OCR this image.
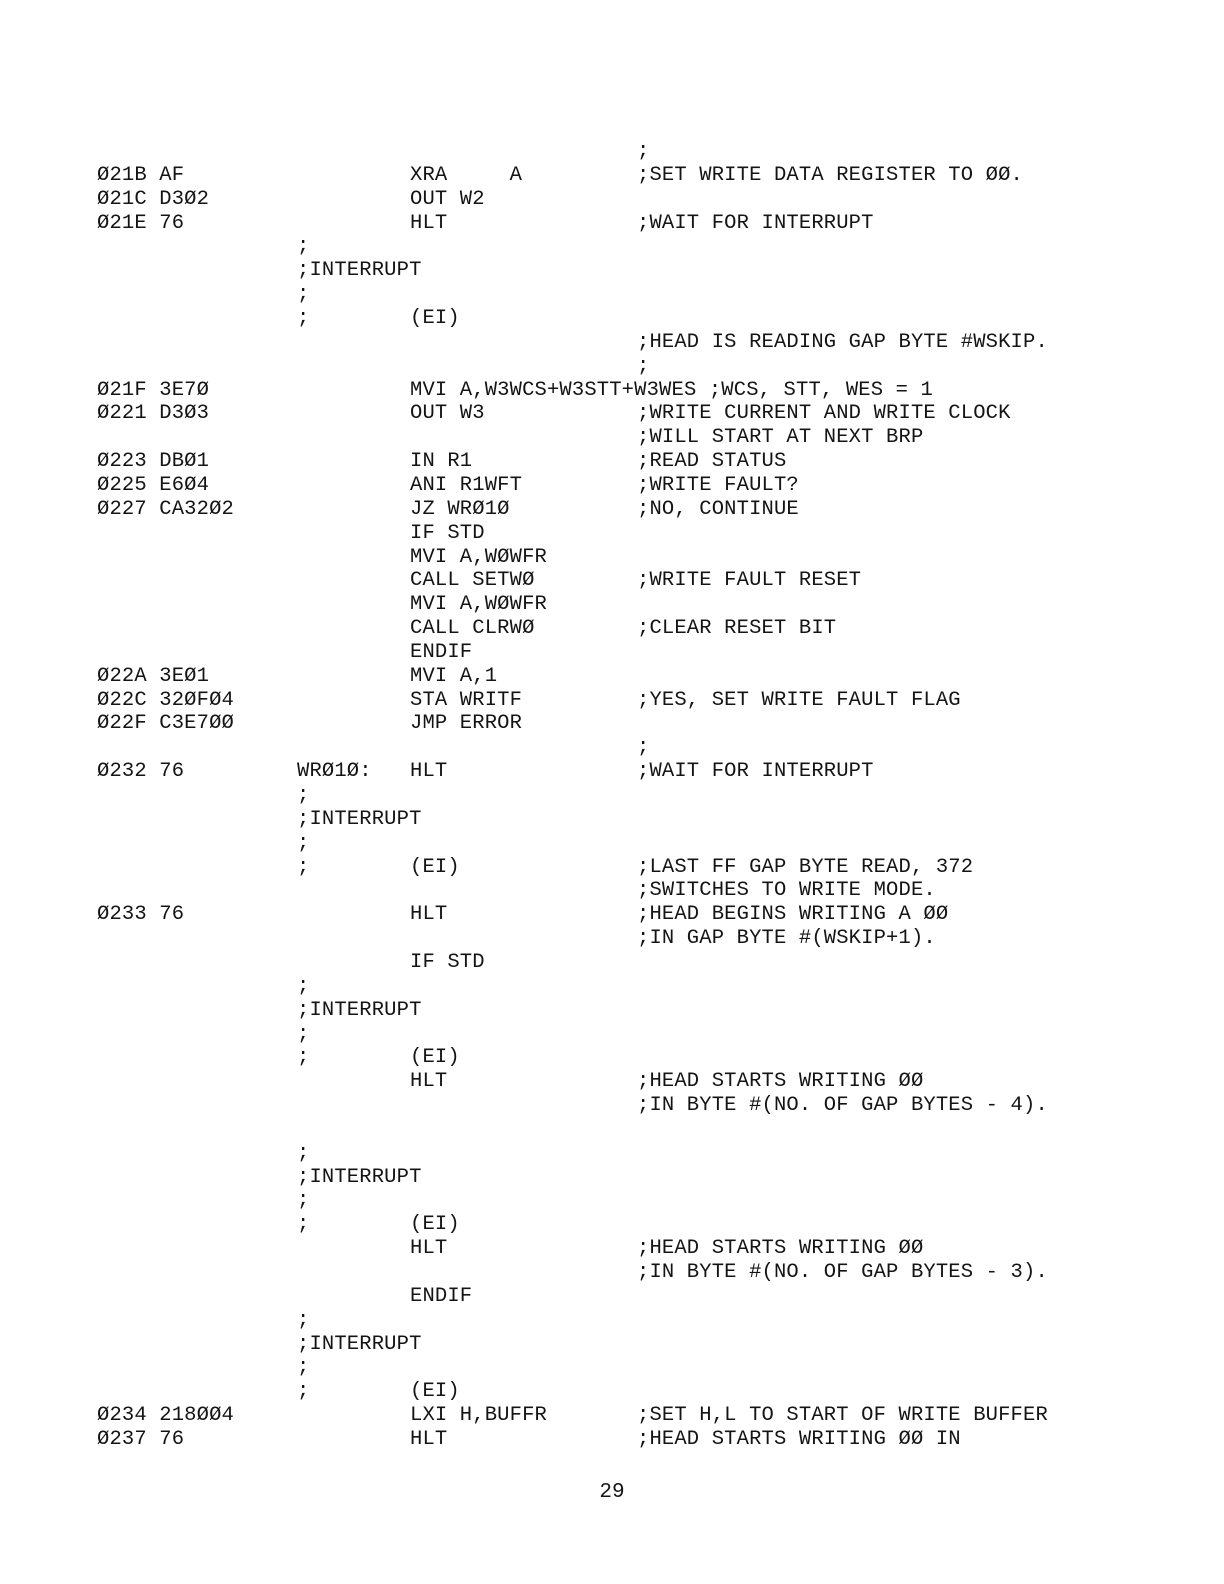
;
Ø21B AF	XRA     A	;SET WRITE DATA REGISTER TO ØØ.
Ø21C D3Ø2	OUT W2
Ø21E 76	HLT	;WAIT FOR INTERRUPT
;
;INTERRUPT
;
;	(EI)
;HEAD IS READING GAP BYTE #WSKIP.
;
Ø21F 3E7Ø	MVI A,W3WCS+W3STT+W3WES ;WCS, STT, WES = 1
Ø221 D3Ø3	OUT W3	;WRITE CURRENT AND WRITE CLOCK
;WILL START AT NEXT BRP
Ø223 DBØ1	IN R1	;READ STATUS
Ø225 E6Ø4	ANI R1WFT	;WRITE FAULT?
Ø227 CA32Ø2	JZ WRØ1Ø	;NO, CONTINUE
IF STD
MVI A,WØWFR
CALL SETWØ	;WRITE FAULT RESET
MVI A,WØWFR
CALL CLRWØ	;CLEAR RESET BIT
ENDIF
Ø22A 3EØ1	MVI A,1
Ø22C 32ØFØ4	STA WRITF	;YES, SET WRITE FAULT FLAG
Ø22F C3E7ØØ	JMP ERROR
;
Ø232 76	WRØ1Ø: HLT	;WAIT FOR INTERRUPT
;
;INTERRUPT
;
;	(EI)	;LAST FF GAP BYTE READ, 372
;SWITCHES TO WRITE MODE.
Ø233 76	HLT	;HEAD BEGINS WRITING A ØØ
;IN GAP BYTE #(WSKIP+1).
IF STD
;
;INTERRUPT
;
;	(EI)
HLT	;HEAD STARTS WRITING ØØ
;IN BYTE #(NO. OF GAP BYTES - 4).
;
;INTERRUPT
;
;	(EI)
HLT	;HEAD STARTS WRITING ØØ
;IN BYTE #(NO. OF GAP BYTES - 3).
ENDIF
;
;INTERRUPT
;
;	(EI)
Ø234 218ØØ4	LXI H,BUFFR	;SET H,L TO START OF WRITE BUFFER
Ø237 76	HLT	;HEAD STARTS WRITING ØØ IN
29
